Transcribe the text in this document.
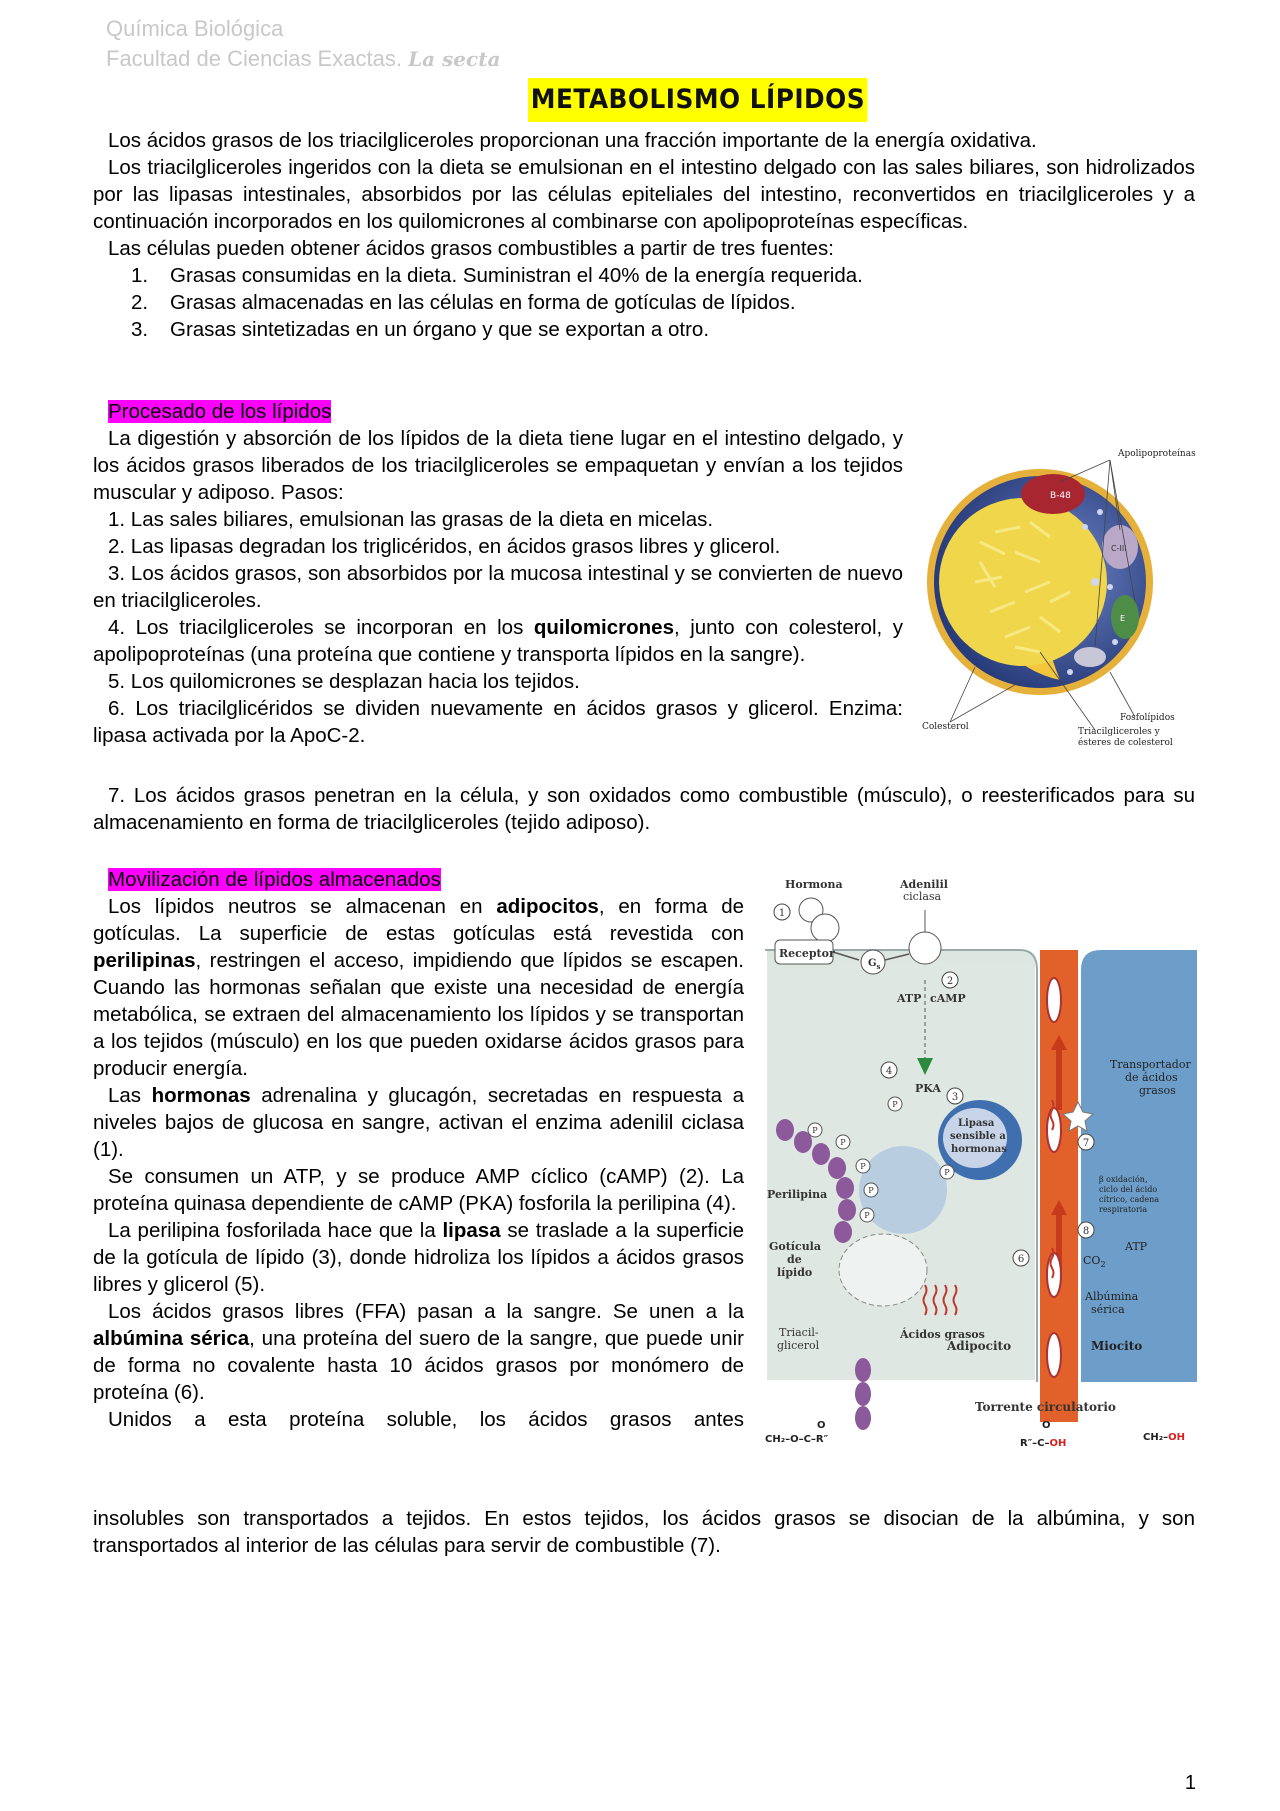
Química Biológica
Facultad de Ciencias Exactas. La secta
METABOLISMO LÍPIDOS

Los ácidos grasos de los triacilgliceroles proporcionan una fracción importante de la energía oxidativa.

Los triacilgliceroles ingeridos con la dieta se emulsionan en el intestino delgado con las sales biliares, son hidrolizados por las lipasas intestinales, absorbidos por las células epiteliales del intestino, reconvertidos en triacilgliceroles y a continuación incorporados en los quilomicrones al combinarse con apolipoproteínas específicas.

Las células pueden obtener ácidos grasos combustibles a partir de tres fuentes:

1. Grasas consumidas en la dieta. Suministran el 40% de la energía requerida.
2. Grasas almacenadas en las células en forma de gotículas de lípidos.
3. Grasas sintetizadas en un órgano y que se exportan a otro.
Procesado de los lípidos

La digestión y absorción de los lípidos de la dieta tiene lugar en el intestino delgado, y los ácidos grasos liberados de los triacilgliceroles se empaquetan y envían a los tejidos muscular y adiposo. Pasos:

1. Las sales biliares, emulsionan las grasas de la dieta en micelas.

2. Las lipasas degradan los triglicéridos, en ácidos grasos libres y glicerol.

3. Los ácidos grasos, son absorbidos por la mucosa intestinal y se convierten de nuevo en triacilgliceroles.

4. Los triacilgliceroles se incorporan en los quilomicrones, junto con colesterol, y apolipoproteínas (una proteína que contiene y transporta lípidos en la sangre).

5. Los quilomicrones se desplazan hacia los tejidos.

6. Los triacilglicéridos se dividen nuevamente en ácidos grasos y glicerol. Enzima: lipasa activada por la ApoC-2.

7. Los ácidos grasos penetran en la célula, y son oxidados como combustible (músculo), o reesterificados para su almacenamiento en forma de triacilgliceroles (tejido adiposo).

B-48
C-III
E
Apolipoproteínas
Colesterol
Fosfolípidos
Triacilgliceroles y
ésteres de colesterol
Movilización de lípidos almacenados

Los lípidos neutros se almacenan en adipocitos, en forma de gotículas. La superficie de estas gotículas está revestida con perilipinas, restringen el acceso, impidiendo que lípidos se escapen. Cuando las hormonas señalan que existe una necesidad de energía metabólica, se extraen del almacenamiento los lípidos y se transportan a los tejidos (músculo) en los que pueden oxidarse ácidos grasos para producir energía.

Las hormonas adrenalina y glucagón, secretadas en respuesta a niveles bajos de glucosa en sangre, activan el enzima adenilil ciclasa (1).

Se consumen un ATP, y se produce AMP cíclico (cAMP) (2). La proteína quinasa dependiente de cAMP (PKA) fosforila la perilipina (4).

La perilipina fosforilada hace que la lipasa se traslade a la superficie de la gotícula de lípido (3), donde hidroliza los lípidos a ácidos grasos libres y glicerol (5).

Los ácidos grasos libres (FFA) pasan a la sangre. Se unen a la albúmina sérica, una proteína del suero de la sangre, que puede unir de forma no covalente hasta 10 ácidos grasos por monómero de proteína (6).

Unidos a esta proteína soluble, los ácidos grasos antes

insolubles son transportados a tejidos. En estos tejidos, los ácidos grasos se disocian de la albúmina, y son transportados al interior de las células para servir de combustible (7).

Hormona	Adenilil
ciclasa
Receptor
$G_s$
ATP cAMP
PKA
1
2
3
4
6
7
8
Lipasa
sensible a
hormonas
P
P
P
P
P
P
P
Perilipina
Gotícula
de
lípido
Triacil-
glicerol
Ácidos grasos
Adipocito
Transportador
de ácidos
grasos
β oxidación,
ciclo del ácido
cítrico, cadena
respiratoria
ATP
$CO_2$
Albúmina
sérica
Miocito
Torrente circulatorio
O
CH₂–O–C–R″
O
R″–C–OH
CH₂–OH
1
